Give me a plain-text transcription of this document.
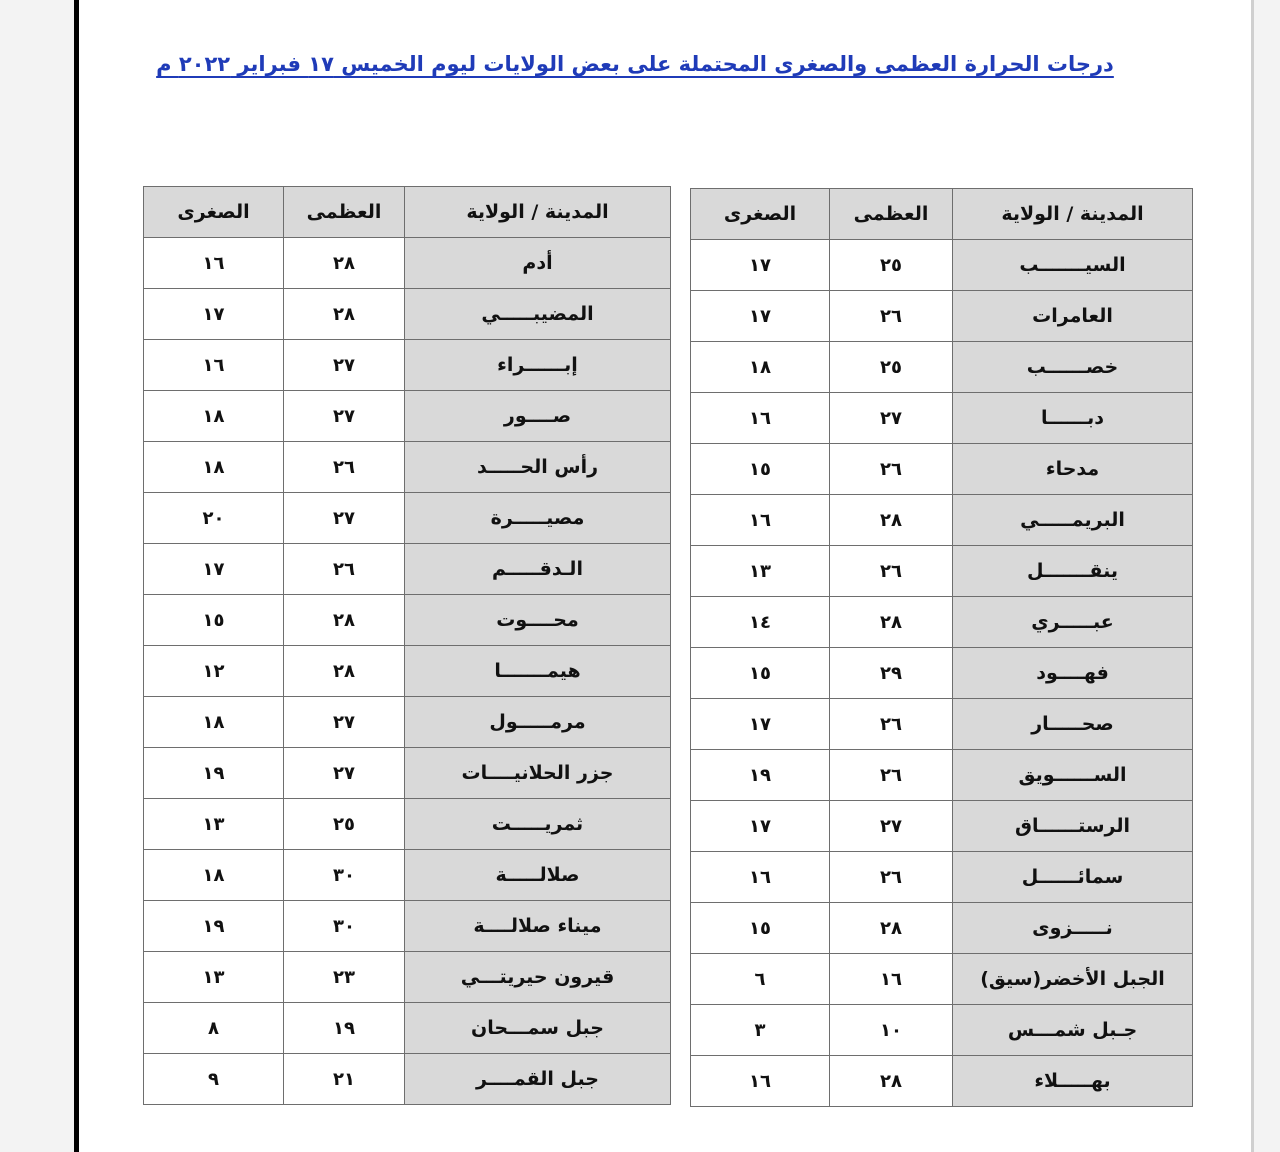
درجات الحرارة العظمى والصغرى المحتملة على بعض الولايات ليوم الخميس ١٧ فبراير ٢٠٢٢ م
المدينة / الولاية	العظمى	الصغرى
السيـــــــب	٢٥	١٧
العامرات	٢٦	١٧
خصــــــب	٢٥	١٨
دبــــــا	٢٧	١٦
مدحاء	٢٦	١٥
البريمـــــي	٢٨	١٦
ينقـــــــل	٢٦	١٣
عبـــــري	٢٨	١٤
فهــــود	٢٩	١٥
صحـــــار	٢٦	١٧
الســــــويق	٢٦	١٩
الرستــــــاق	٢٧	١٧
سمائــــــل	٢٦	١٦
نـــــزوى	٢٨	١٥
الجبل الأخضر(سيق)	١٦	٦
جـبل شمـــس	١٠	٣
بهـــــلاء	٢٨	١٦
المدينة / الولاية	العظمى	الصغرى
أدم	٢٨	١٦
المضيبـــــي	٢٨	١٧
إبــــــراء	٢٧	١٦
صــــور	٢٧	١٨
رأس الحـــــد	٢٦	١٨
مصيـــــرة	٢٧	٢٠
الـدقـــــم	٢٦	١٧
محــــوت	٢٨	١٥
هيمـــــــا	٢٨	١٢
مرمـــــول	٢٧	١٨
جزر الحلانيــــات	٢٧	١٩
ثمريـــــت	٢٥	١٣
صلالـــــة	٣٠	١٨
ميناء صلالــــة	٣٠	١٩
قيرون حيريتـــي	٢٣	١٣
جبل سمـــحان	١٩	٨
جبل القمــــر	٢١	٩
